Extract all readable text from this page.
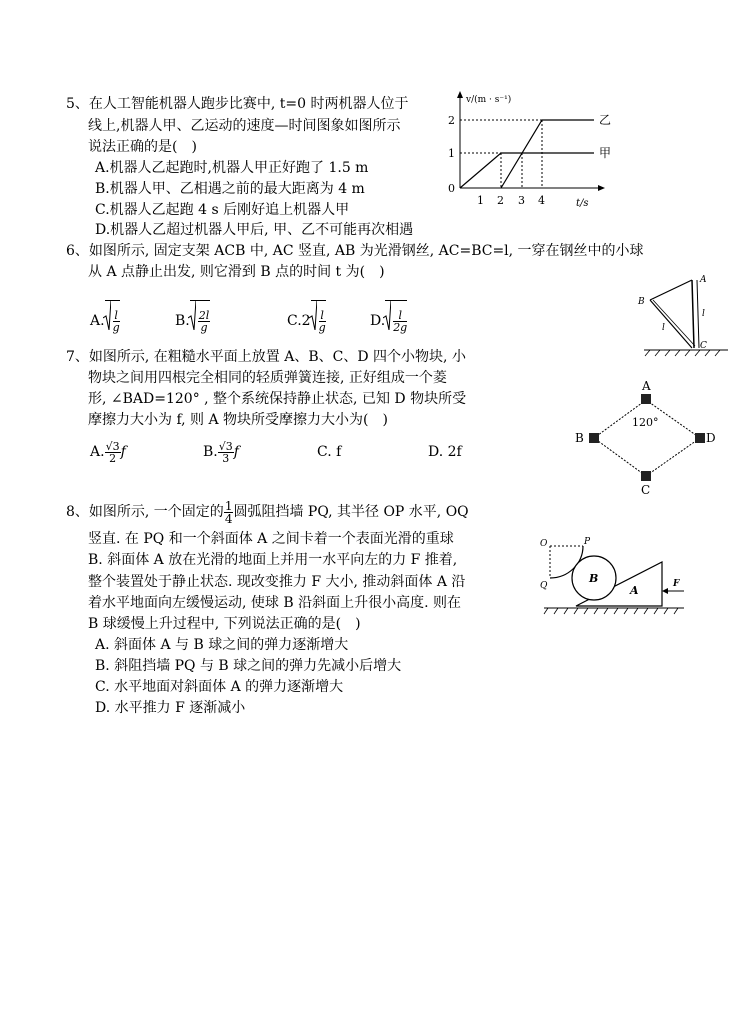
5、在人工智能机器人跑步比赛中, t=0 时两机器人位于
线上,机器人甲、乙运动的速度—时间图象如图所示
说法正确的是(　)
A.机器人乙起跑时,机器人甲正好跑了 1.5 m
B.机器人甲、乙相遇之前的最大距离为 4 m
C.机器人乙起跑 4 s 后刚好追上机器人甲
D.机器人乙超过机器人甲后, 甲、乙不可能再次相遇
v/(m · s⁻¹)
t/s
2
1
0
1 2 3 4
乙
甲
6、如图所示, 固定支架 ACB 中, AC 竖直, AB 为光滑钢丝, AC=BC=l, 一穿在钢丝中的小球
从 A 点静止出发, 则它滑到 B 点的时间 t 为(　)
A. $\frac{l}{g}$	B. $\frac{2l}{g}$	$C.2 \frac{l}{g}$	D. $\frac{l}{2g}$
A
B
C
l
l
7、如图所示, 在粗糙水平面上放置 A、B、C、D 四个小物块, 小
物块之间用四根完全相同的轻质弹簧连接, 正好组成一个菱
形, ∠BAD=120° , 整个系统保持静止状态, 已知 D 物块所受
摩擦力大小为 f, 则 A 物块所受摩擦力大小为(　)
A. $\frac{√3}{2}$ f	B. $\frac{√3}{3}$ f	C. f	D. 2f
A
B
C
D
120°
8、如图所示, 一个固定的 $\frac{1}{4}$ 圆弧阻挡墙 PQ, 其半径 OP 水平, OQ
竖直. 在 PQ 和一个斜面体 A 之间卡着一个表面光滑的重球
B. 斜面体 A 放在光滑的地面上并用一水平向左的力 F 推着,
整个装置处于静止状态. 现改变推力 F 大小, 推动斜面体 A 沿
着水平地面向左缓慢运动, 使球 B 沿斜面上升很小高度. 则在
B 球缓慢上升过程中, 下列说法正确的是(　)
A. 斜面体 A 与 B 球之间的弹力逐渐增大
B. 斜阻挡墙 PQ 与 B 球之间的弹力先减小后增大
C. 水平地面对斜面体 A 的弹力逐渐增大
D. 水平推力 F 逐渐减小
O	P
Q
B
A	F
